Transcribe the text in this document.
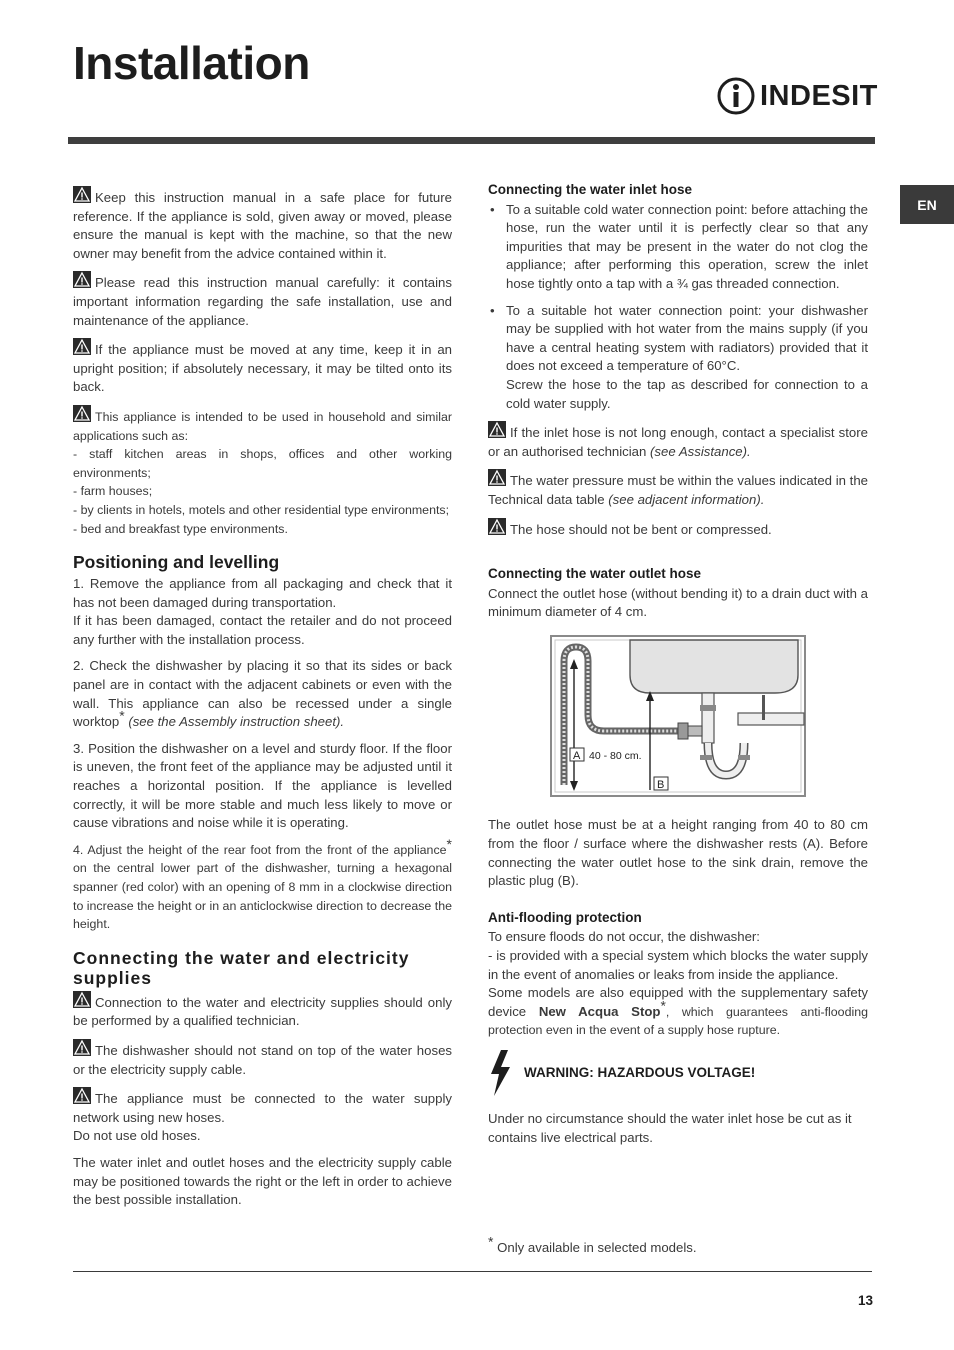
Installation
INDESIT
EN

Keep this instruction manual in a safe place for future reference. If the appliance is sold, given away or moved, please ensure the manual is kept with the machine, so that the new owner may benefit from the advice contained within it.

Please read this instruction manual carefully: it contains important information regarding the safe installation, use and maintenance of the appliance.

If the appliance must be moved at any time, keep it in an upright position; if absolutely necessary, it may be tilted onto its back.

This appliance is intended to be used in household and similar applications such as:
- staff kitchen areas in shops, offices and other working environments;
- farm houses;
- by clients in hotels, motels and other residential type environments;
- bed and breakfast type environments.

Positioning and levelling

1. Remove the appliance from all packaging and check that it has not been damaged during transportation.
If it has been damaged, contact the retailer and do not proceed any further with the installation process.

2. Check the dishwasher by placing it so that its sides or back panel are in contact with the adjacent cabinets or even with the wall. This appliance can also be recessed under a single worktop* (see the Assembly instruction sheet).

3. Position the dishwasher on a level and sturdy floor. If the floor is uneven, the front feet of the appliance may be adjusted until it reaches a horizontal position. If the appliance is levelled correctly, it will be more stable and much less likely to move or cause vibrations and noise while it is operating.

4. Adjust the height of the rear foot from the front of the appliance* on the central lower part of the dishwasher, turning a hexagonal spanner (red color) with an opening of 8 mm in a clockwise direction to increase the height or in an anticlockwise direction to decrease the height.

Connecting the water and electricity supplies

Connection to the water and electricity supplies should only be performed by a qualified technician.

The dishwasher should not stand on top of the water hoses or the electricity supply cable.

The appliance must be connected to the water supply network using new hoses.
Do not use old hoses.

The water inlet and outlet hoses and the electricity supply cable may be positioned towards the right or the left in order to achieve the best possible installation.

Connecting the water inlet hose
• To a suitable cold water connection point: before attaching the hose, run the water until it is perfectly clear so that any impurities that may be present in the water do not clog the appliance; after performing this operation, screw the inlet hose tightly onto a tap with a ¾ gas threaded connection.
• To a suitable hot water connection point: your dishwasher may be supplied with hot water from the mains supply (if you have a central heating system with radiators) provided that it does not exceed a temperature of 60°C.
Screw the hose to the tap as described for connection to a cold water supply.

If the inlet hose is not long enough, contact a specialist store or an authorised technician (see Assistance).

The water pressure must be within the values indicated in the Technical data table (see adjacent information).

The hose should not be bent or compressed.

Connecting the water outlet hose

Connect the outlet hose (without bending it) to a drain duct with a minimum diameter of 4 cm.

A 40 - 80 cm.
B

The outlet hose must be at a height ranging from 40 to 80 cm from the floor / surface where the dishwasher rests (A). Before connecting the water outlet hose to the sink drain, remove the plastic plug (B).

Anti-flooding protection

To ensure floods do not occur, the dishwasher:
- is provided with a special system which blocks the water supply in the event of anomalies or leaks from inside the appliance.
Some models are also equipped with the supplementary safety device New Acqua Stop*, which guarantees anti-flooding protection even in the event of a supply hose rupture.

WARNING: HAZARDOUS VOLTAGE!

Under no circumstance should the water inlet hose be cut as it contains live electrical parts.

* Only available in selected models.
13
